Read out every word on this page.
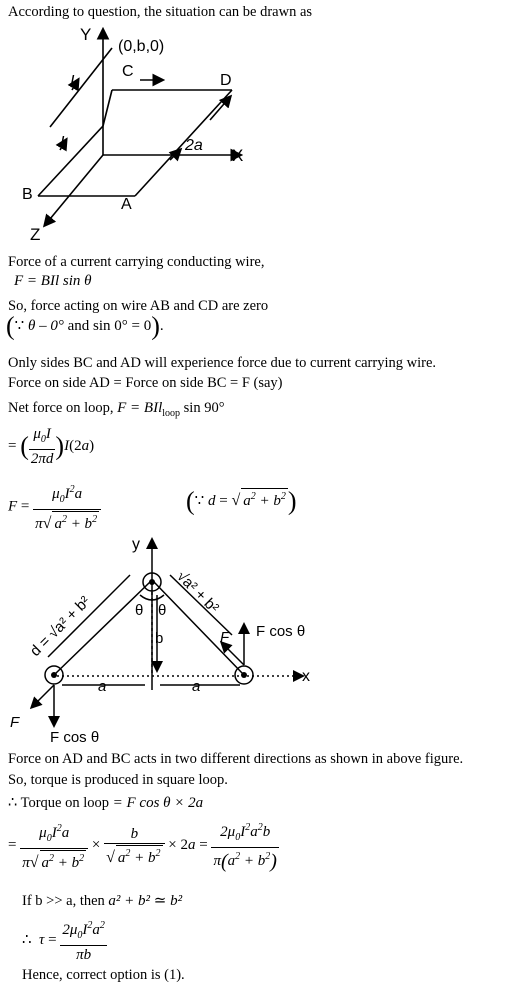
According to question, the situation can be drawn as
Y
(0,b,0)
C
D
I
I	2a
X
B
A
Z
Force of a current carrying conducting wire,
F = BIl sin θ
So, force acting on wire AB and CD are zero
(∵ θ – 0° and sin 0° = 0).
Only sides BC and AD will experience force due to current carrying wire.
Force on side AD = Force on side BC = F (say)
Net force on loop, F = BIl$_{loop}$ sin 90°
= ( $\frac{\mu_0I}{2\pi d} )I(2a)$
$F = \frac{\mu_0I^2a}{\pi√ a^2 + b^2}$	(∵ d = √ $a^2 + b^2$)
y
x
d = √a² + b²
√a² + b²
θ θ
b
a	a
F F cos θ
F
F cos θ
Force on AD and BC acts in two different directions as shown in above figure.
So, torque is produced in square loop.
∴ Torque on loop = F cos θ × 2a
= $\frac{\mu_0I^2a}{\pi√ a^2 + b^2} \times \frac{b}{√ a^2 + b^2} \times 2a = \frac{2\mu_0I^2a^2b}{\pi(a^2 + b^2)}$
If b >> a, then a² + b² ≃ b²
∴ $\tau = \frac{2\mu_0I^2a^2}{\pi b}$
Hence, correct option is (1).
